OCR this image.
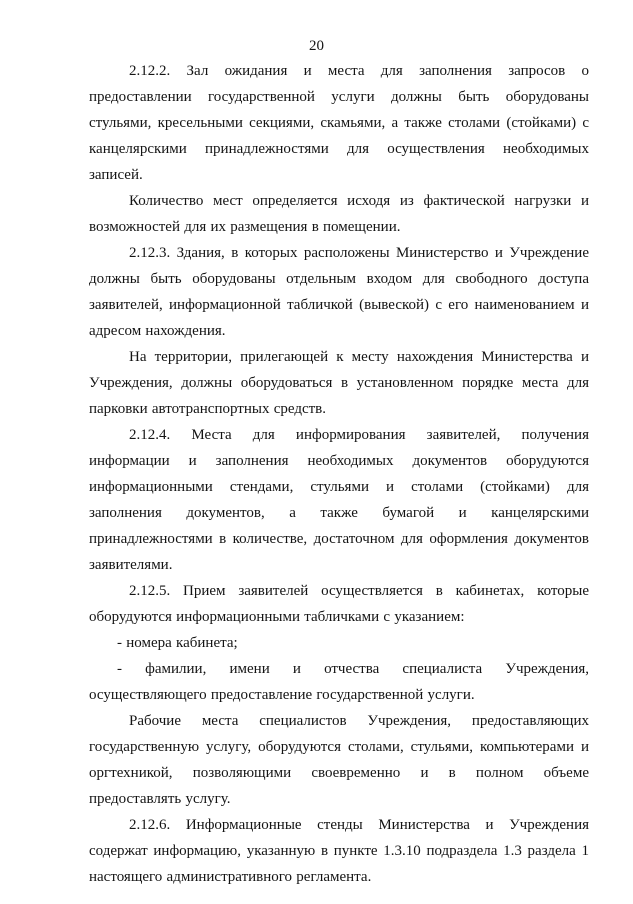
20

2.12.2. Зал ожидания и места для заполнения запросов о предоставлении государственной услуги должны быть оборудованы стульями, кресельными секциями, скамьями, а также столами (стойками) с канцелярскими принадлежностями для осуществления необходимых записей.

Количество мест определяется исходя из фактической нагрузки и возможностей для их размещения в помещении.

2.12.3. Здания, в которых расположены Министерство и Учреждение должны быть оборудованы отдельным входом для свободного доступа заявителей, информационной табличкой (вывеской) с его наименованием и адресом нахождения.

На территории, прилегающей к месту нахождения Министерства и Учреждения, должны оборудоваться в установленном порядке места для парковки автотранспортных средств.

2.12.4. Места для информирования заявителей, получения информации и заполнения необходимых документов оборудуются информационными стендами, стульями и столами (стойками) для заполнения документов, а также бумагой и канцелярскими принадлежностями в количестве, достаточном для оформления документов заявителями.

2.12.5. Прием заявителей осуществляется в кабинетах, которые оборудуются информационными табличками с указанием:

- номера кабинета;

- фамилии, имени и отчества специалиста Учреждения, осуществляющего предоставление государственной услуги.

Рабочие места специалистов Учреждения, предоставляющих государственную услугу, оборудуются столами, стульями, компьютерами и оргтехникой, позволяющими своевременно и в полном объеме предоставлять услугу.

2.12.6. Информационные стенды Министерства и Учреждения содержат информацию, указанную в пункте 1.3.10 подраздела 1.3 раздела 1 настоящего административного регламента.
